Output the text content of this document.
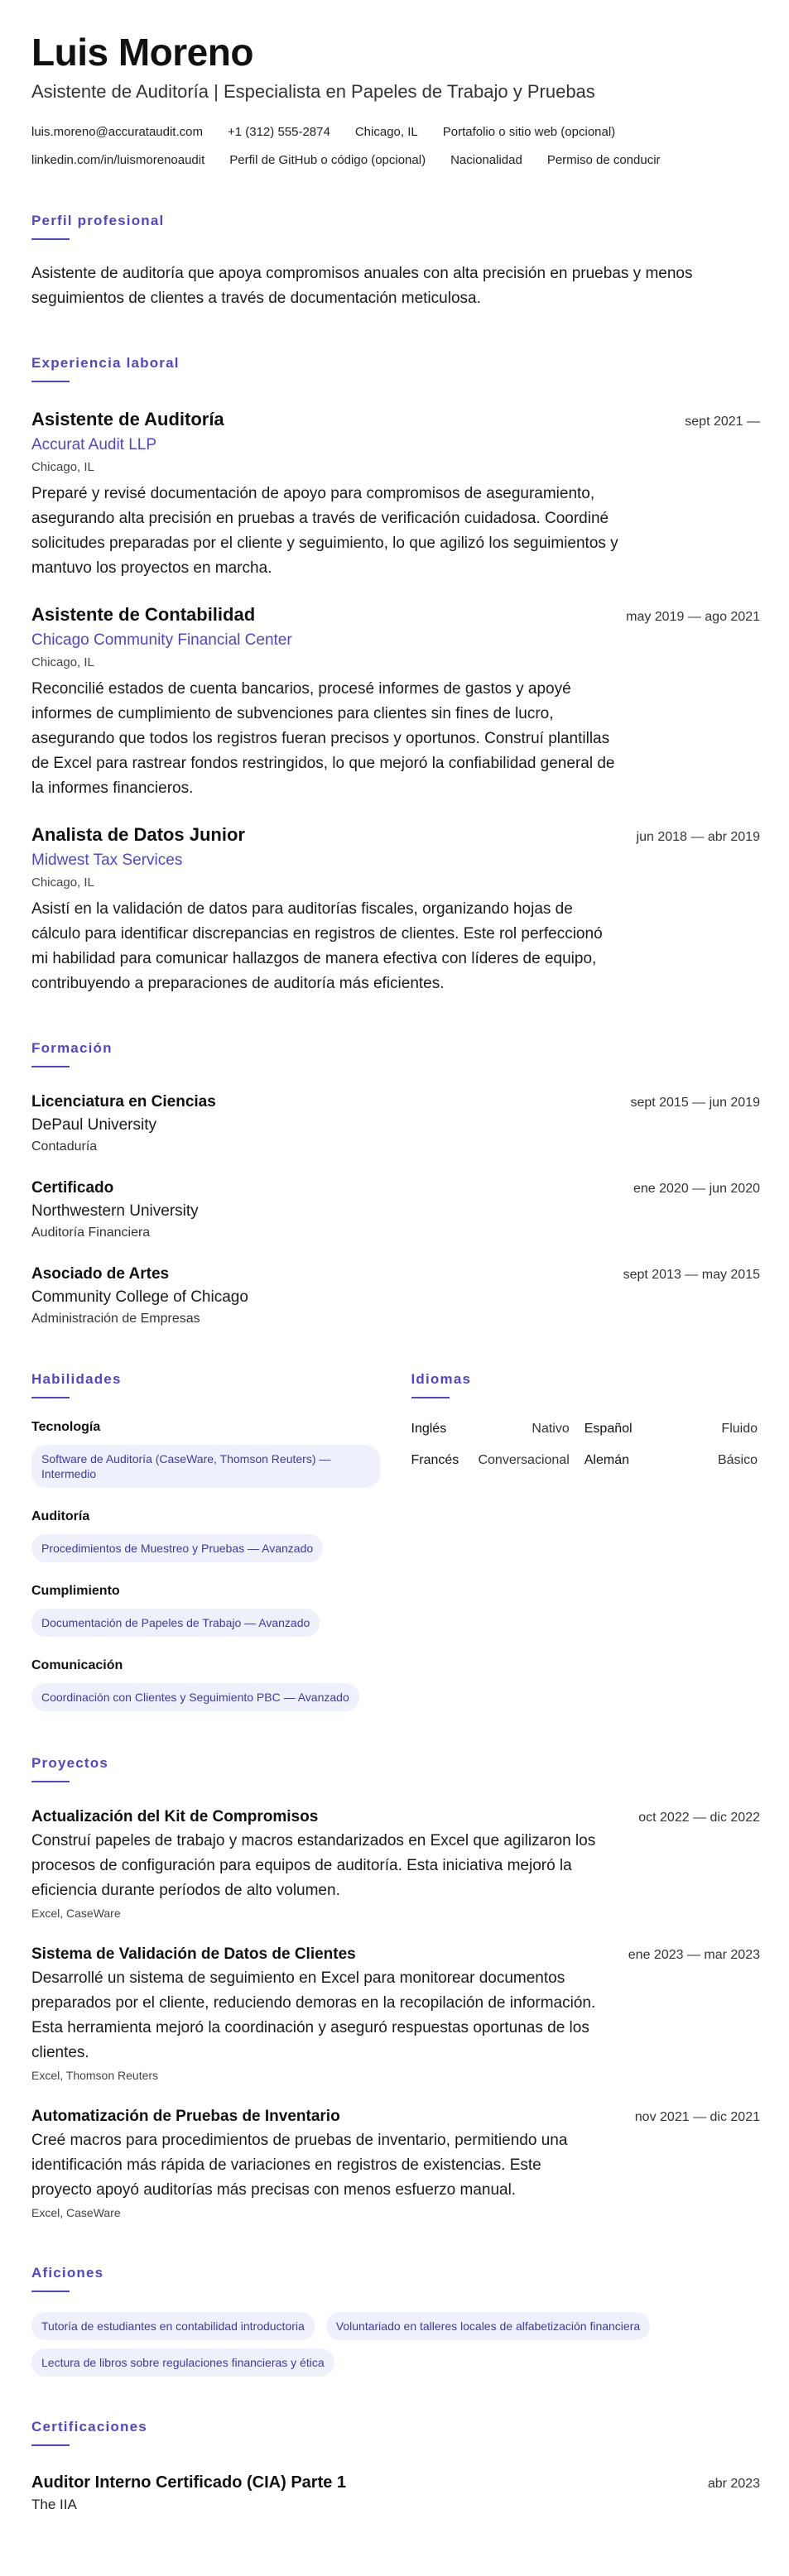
Luis Moreno
Asistente de Auditoría | Especialista en Papeles de Trabajo y Pruebas
luis.moreno@accurataudit.com +1 (312) 555-2874 Chicago, IL Portafolio o sitio web (opcional)
linkedin.com/in/luismorenoaudit Perfil de GitHub o código (opcional) Nacionalidad Permiso de conducir
Perfil profesional
Asistente de auditoría que apoya compromisos anuales con alta precisión en pruebas y menos seguimientos de clientes a través de documentación meticulosa.
Experiencia laboral
Asistente de Auditoría	sept 2021 —
Accurat Audit LLP
Chicago, IL
Preparé y revisé documentación de apoyo para compromisos de aseguramiento, asegurando alta precisión en pruebas a través de verificación cuidadosa. Coordiné solicitudes preparadas por el cliente y seguimiento, lo que agilizó los seguimientos y mantuvo los proyectos en marcha.
Asistente de Contabilidad	may 2019 — ago 2021
Chicago Community Financial Center
Chicago, IL
Reconcilié estados de cuenta bancarios, procesé informes de gastos y apoyé informes de cumplimiento de subvenciones para clientes sin fines de lucro, asegurando que todos los registros fueran precisos y oportunos. Construí plantillas de Excel para rastrear fondos restringidos, lo que mejoró la confiabilidad general de la informes financieros.
Analista de Datos Junior	jun 2018 — abr 2019
Midwest Tax Services
Chicago, IL
Asistí en la validación de datos para auditorías fiscales, organizando hojas de cálculo para identificar discrepancias en registros de clientes. Este rol perfeccionó mi habilidad para comunicar hallazgos de manera efectiva con líderes de equipo, contribuyendo a preparaciones de auditoría más eficientes.
Formación
Licenciatura en Ciencias	sept 2015 — jun 2019
DePaul University
Contaduría
Certificado	ene 2020 — jun 2020
Northwestern University
Auditoría Financiera
Asociado de Artes	sept 2013 — may 2015
Community College of Chicago
Administración de Empresas
Habilidades
Tecnología
Software de Auditoría (CaseWare, Thomson Reuters) — Intermedio
Auditoría
Procedimientos de Muestreo y Pruebas — Avanzado
Cumplimiento
Documentación de Papeles de Trabajo — Avanzado
Comunicación
Coordinación con Clientes y Seguimiento PBC — Avanzado
Idiomas
Inglés	Nativo Español	Fluido
Francés Conversacional Alemán	Básico
Proyectos
Actualización del Kit de Compromisos	oct 2022 — dic 2022
Construí papeles de trabajo y macros estandarizados en Excel que agilizaron los procesos de configuración para equipos de auditoría. Esta iniciativa mejoró la eficiencia durante períodos de alto volumen.
Excel, CaseWare
Sistema de Validación de Datos de Clientes	ene 2023 — mar 2023
Desarrollé un sistema de seguimiento en Excel para monitorear documentos preparados por el cliente, reduciendo demoras en la recopilación de información. Esta herramienta mejoró la coordinación y aseguró respuestas oportunas de los clientes.
Excel, Thomson Reuters
Automatización de Pruebas de Inventario	nov 2021 — dic 2021
Creé macros para procedimientos de pruebas de inventario, permitiendo una identificación más rápida de variaciones en registros de existencias. Este proyecto apoyó auditorías más precisas con menos esfuerzo manual.
Excel, CaseWare
Aficiones
Tutoría de estudiantes en contabilidad introductoria	Voluntariado en talleres locales de alfabetización financieraLectura de libros sobre regulaciones financieras y ética
Certificaciones
Auditor Interno Certificado (CIA) Parte 1	abr 2023
The IIA
